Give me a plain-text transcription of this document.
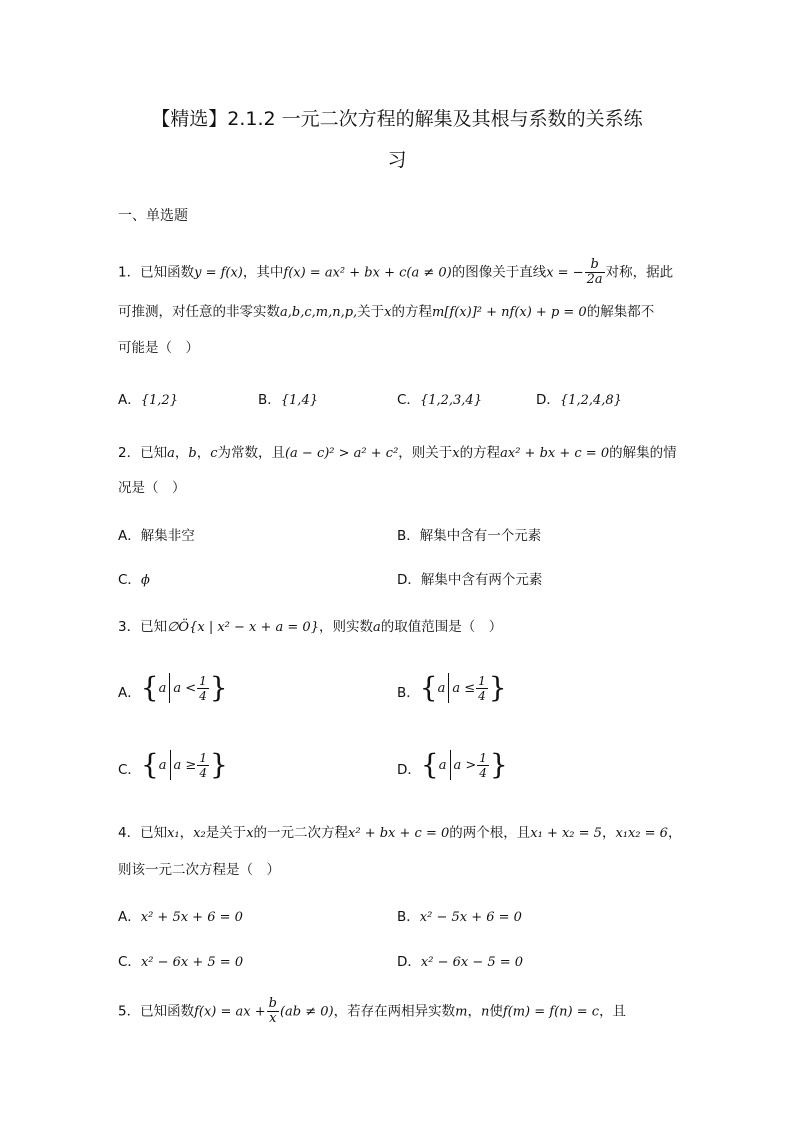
【精选】2.1.2 一元二次方程的解集及其根与系数的关系练
习
一、单选题
1．已知函数y = f(x)，其中f(x) = ax² + bx + c(a ≠ 0)的图像关于直线x = − $\frac{b}{2a}$ 对称，据此
可推测，对任意的非零实数a,b,c,m,n,p,关于x的方程m[f(x)]² + nf(x) + p = 0的解集都不
可能是（　）
A．{1,2}	B．{1,4}	C．{1,2,3,4}	D．{1,2,4,8}
2．已知a，b，c为常数，且(a − c)² > a² + c²，则关于x的方程ax² + bx + c = 0的解集的情
况是（　）
A．解集非空	B．解集中含有一个元素
C．ϕ	D．解集中含有两个元素
3．已知∅Ö{x | x² − x + a = 0}，则实数a的取值范围是（　）
A． { a $a < \frac{1}{4}$ }	B． { a $a \le \frac{1}{4}$ }
C． { a $a \ge \frac{1}{4}$ }	D． { a $a > \frac{1}{4}$ }
4．已知x₁，x₂是关于x的一元二次方程x² + bx + c = 0的两个根，且x₁ + x₂ = 5，x₁x₂ = 6，
则该一元二次方程是（　）
A．x² + 5x + 6 = 0	B．x² − 5x + 6 = 0
C．x² − 6x + 5 = 0	D．x² − 6x − 5 = 0
5．已知函数f(x) = ax + $\frac{b}{x} (ab \ne 0)$，若存在两相异实数m，n使f(m) = f(n) = c，且
